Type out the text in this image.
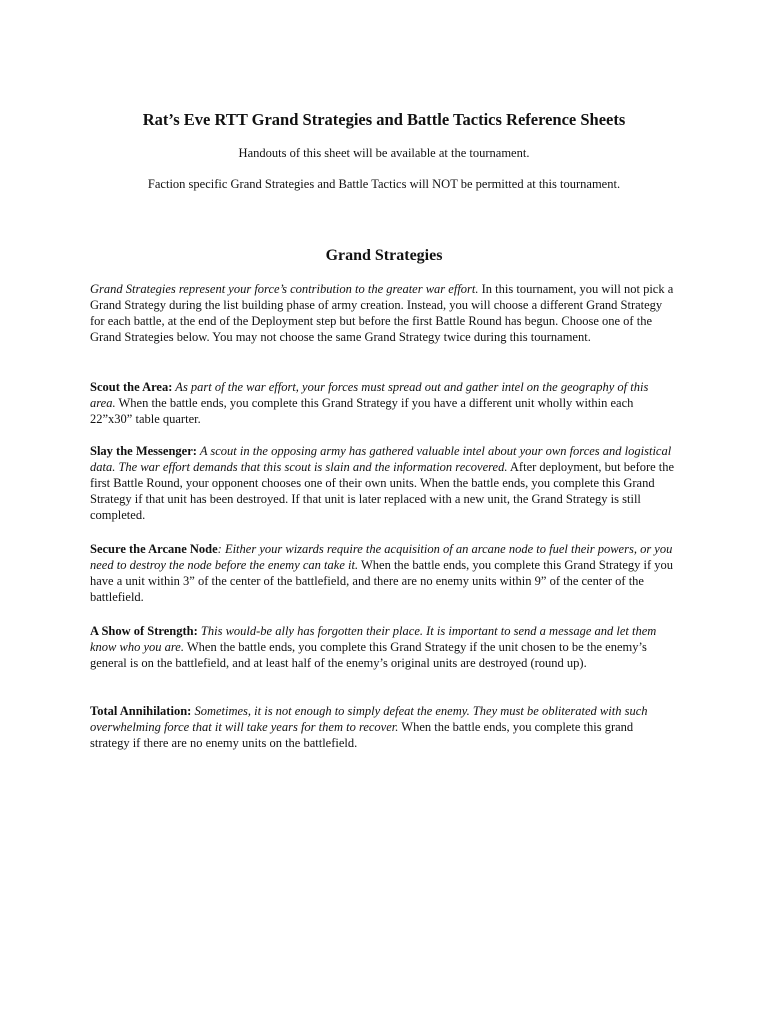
Rat’s Eve RTT Grand Strategies and Battle Tactics Reference Sheets
Handouts of this sheet will be available at the tournament.
Faction specific Grand Strategies and Battle Tactics will NOT be permitted at this tournament.
Grand Strategies

Grand Strategies represent your force’s contribution to the greater war effort. In this tournament, you will not pick a Grand Strategy during the list building phase of army creation. Instead, you will choose a different Grand Strategy for each battle, at the end of the Deployment step but before the first Battle Round has begun. Choose one of the Grand Strategies below. You may not choose the same Grand Strategy twice during this tournament.

Scout the Area: As part of the war effort, your forces must spread out and gather intel on the geography of this area. When the battle ends, you complete this Grand Strategy if you have a different unit wholly within each 22”x30” table quarter.

Slay the Messenger: A scout in the opposing army has gathered valuable intel about your own forces and logistical data. The war effort demands that this scout is slain and the information recovered. After deployment, but before the first Battle Round, your opponent chooses one of their own units. When the battle ends, you complete this Grand Strategy if that unit has been destroyed. If that unit is later replaced with a new unit, the Grand Strategy is still completed.

Secure the Arcane Node: Either your wizards require the acquisition of an arcane node to fuel their powers, or you need to destroy the node before the enemy can take it. When the battle ends, you complete this Grand Strategy if you have a unit within 3” of the center of the battlefield, and there are no enemy units within 9” of the center of the battlefield.

A Show of Strength: This would-be ally has forgotten their place. It is important to send a message and let them know who you are. When the battle ends, you complete this Grand Strategy if the unit chosen to be the enemy’s general is on the battlefield, and at least half of the enemy’s original units are destroyed (round up).

Total Annihilation: Sometimes, it is not enough to simply defeat the enemy. They must be obliterated with such overwhelming force that it will take years for them to recover. When the battle ends, you complete this grand strategy if there are no enemy units on the battlefield.
